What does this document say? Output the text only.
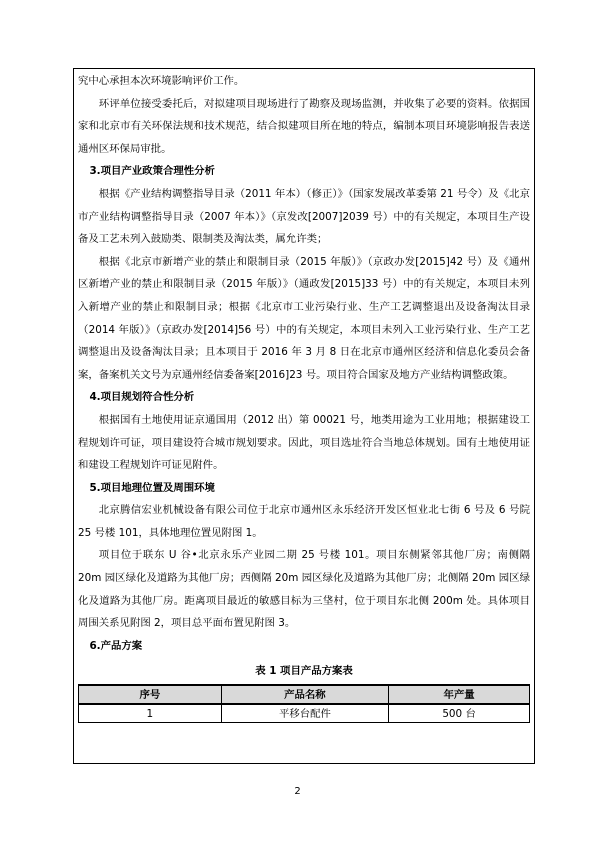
究中心承担本次环境影响评价工作。

环评单位接受委托后，对拟建项目现场进行了勘察及现场监测，并收集了必要的资料。依据国家和北京市有关环保法规和技术规范，结合拟建项目所在地的特点，编制本项目环境影响报告表送通州区环保局审批。

3.项目产业政策合理性分析

根据《产业结构调整指导目录（2011 年本）（修正）》（国家发展改革委第 21 号令）及《北京市产业结构调整指导目录（2007 年本）》（京发改[2007]2039 号）中的有关规定，本项目生产设备及工艺未列入鼓励类、限制类及淘汰类，属允许类；

根据《北京市新增产业的禁止和限制目录（2015 年版）》（京政办发[2015]42 号）及《通州区新增产业的禁止和限制目录（2015 年版）》（通政发[2015]33 号）中的有关规定，本项目未列入新增产业的禁止和限制目录；根据《北京市工业污染行业、生产工艺调整退出及设备淘汰目录（2014 年版）》（京政办发[2014]56 号）中的有关规定，本项目未列入工业污染行业、生产工艺调整退出及设备淘汰目录；且本项目于 2016 年 3 月 8 日在北京市通州区经济和信息化委员会备案，备案机关文号为京通州经信委备案[2016]23 号。项目符合国家及地方产业结构调整政策。

4.项目规划符合性分析

根据国有土地使用证京通国用（2012 出）第 00021 号，地类用途为工业用地；根据建设工程规划许可证，项目建设符合城市规划要求。因此，项目选址符合当地总体规划。国有土地使用证和建设工程规划许可证见附件。

5.项目地理位置及周围环境

北京腾信宏业机械设备有限公司位于北京市通州区永乐经济开发区恒业北七街 6 号及 6 号院 25 号楼 101，具体地理位置见附图 1。

项目位于联东 U 谷•北京永乐产业园二期 25 号楼 101。项目东侧紧邻其他厂房；南侧隔 20m 园区绿化及道路为其他厂房；西侧隔 20m 园区绿化及道路为其他厂房；北侧隔 20m 园区绿化及道路为其他厂房。距离项目最近的敏感目标为三垡村，位于项目东北侧 200m 处。具体项目周围关系见附图 2，项目总平面布置见附图 3。

6.产品方案

表 1 项目产品方案表
序号	产品名称	年产量
1	平移台配件	500 台
2
